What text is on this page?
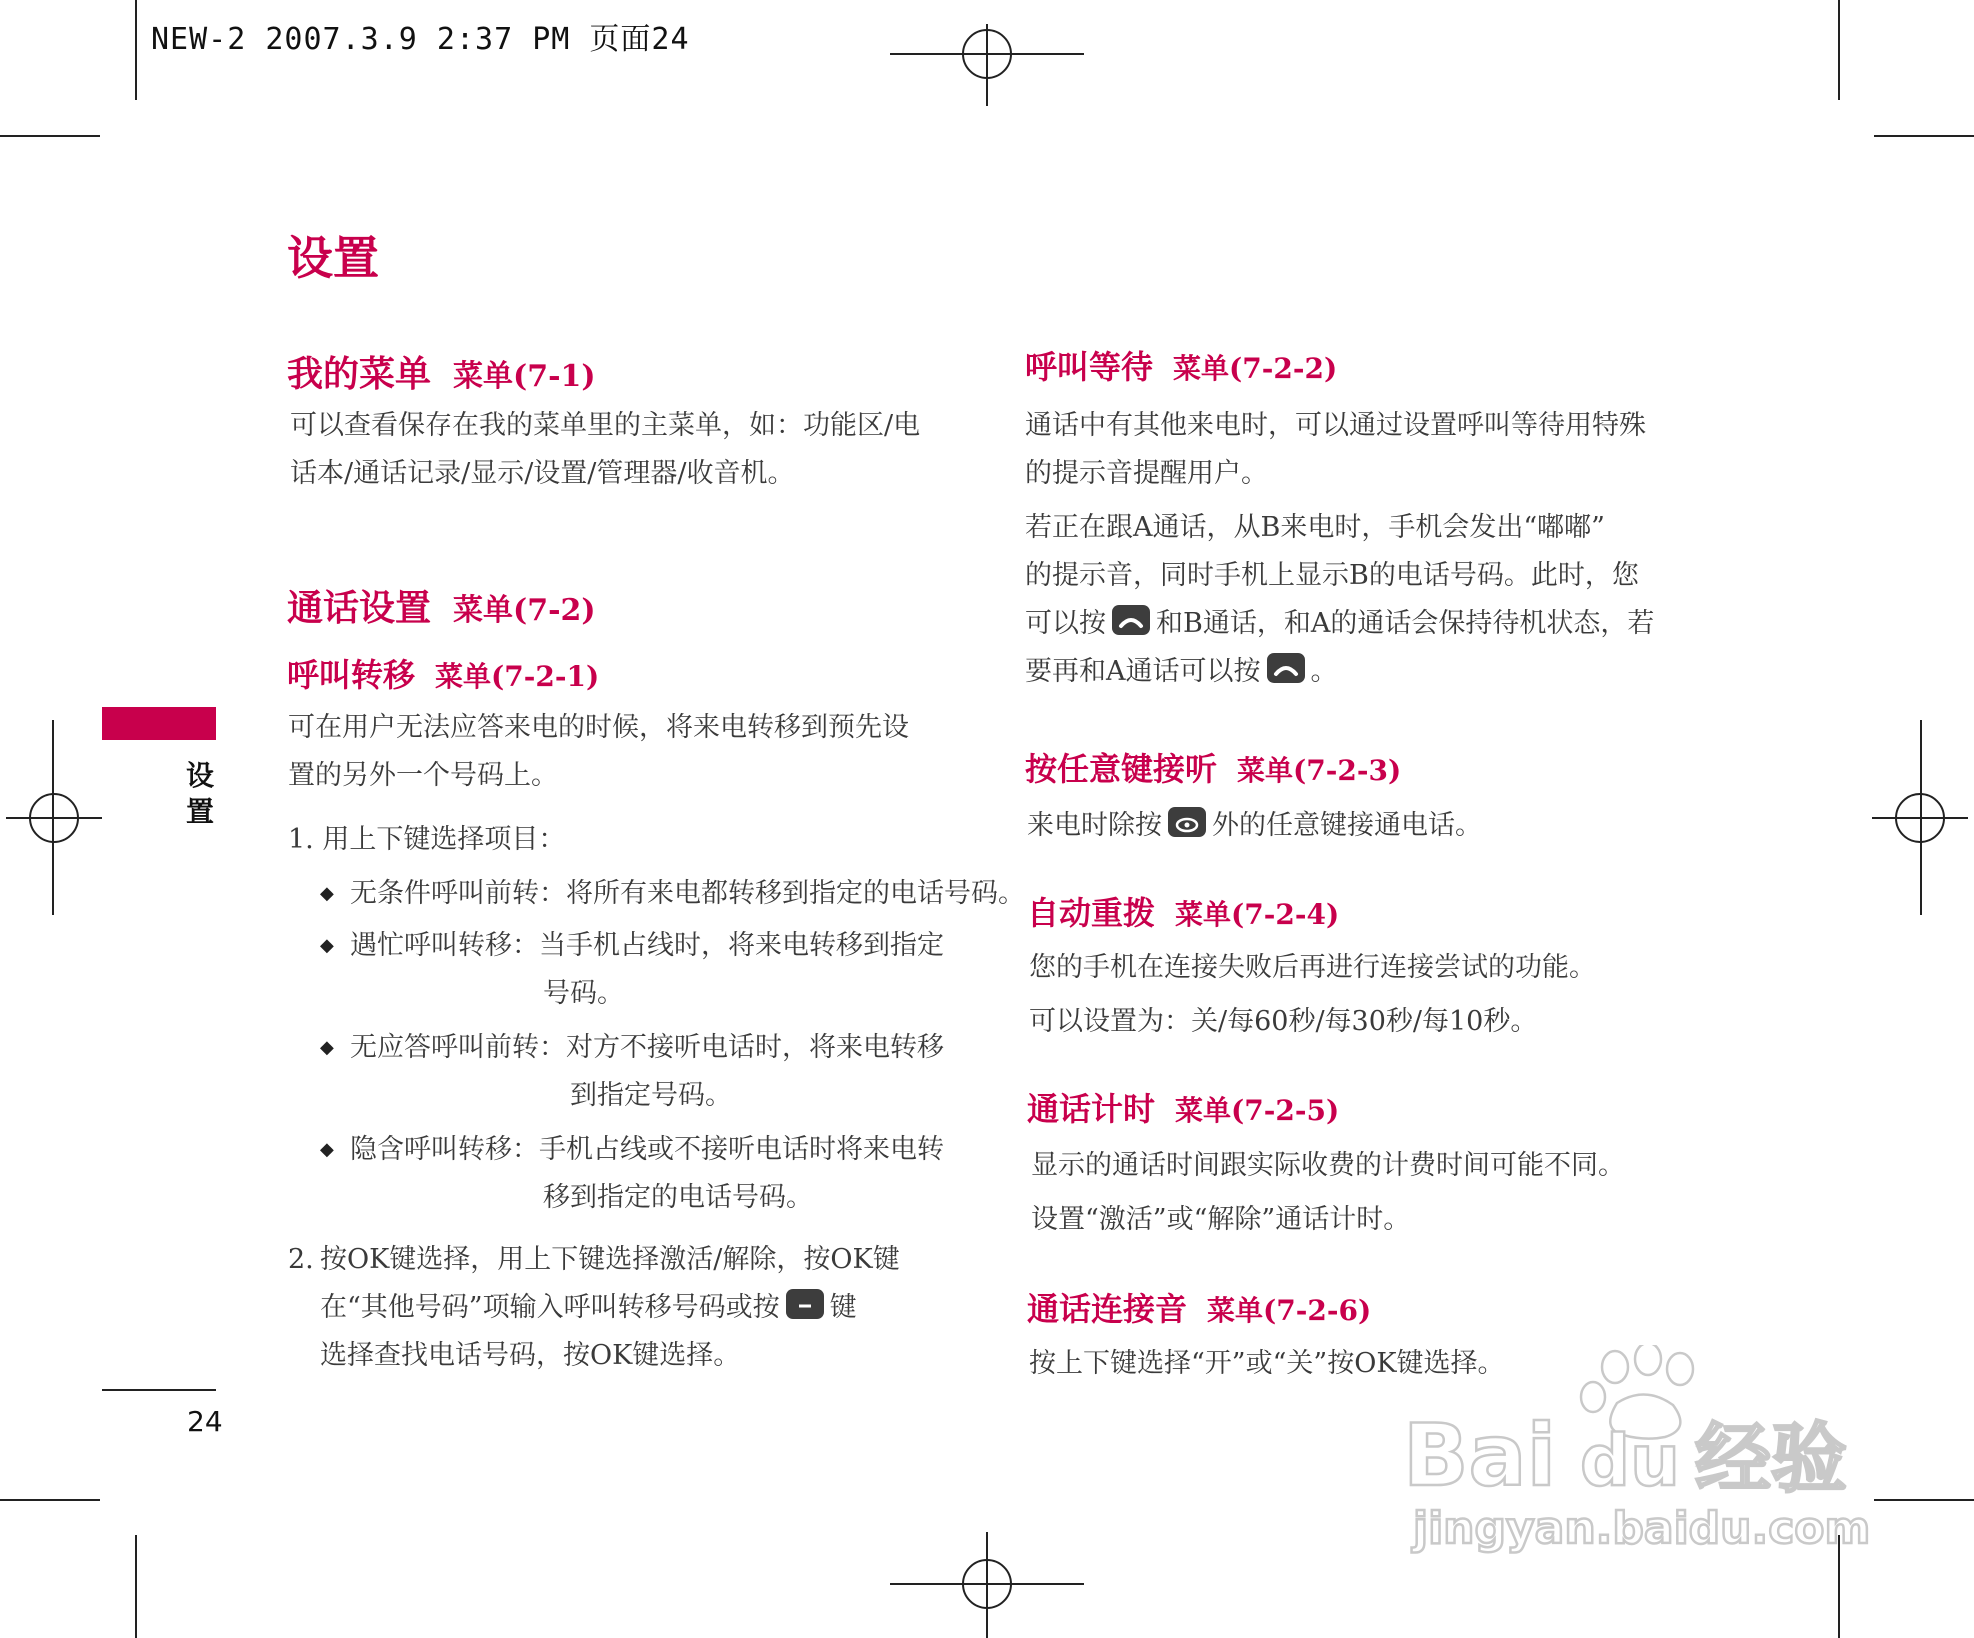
NEW-2 2007.3.9 2:37 PM 页面24
设置
设
置
24
我的菜单 菜单(7-1)
可以查看保存在我的菜单里的主菜单，如：功能区/电
话本/通话记录/显示/设置/管理器/收音机。
通话设置 菜单(7-2)
呼叫转移 菜单(7-2-1)
可在用户无法应答来电的时候，将来电转移到预先设
置的另外一个号码上。
1. 用上下键选择项目：
◆ 无条件呼叫前转：将所有来电都转移到指定的电话号码。
◆ 遇忙呼叫转移：当手机占线时，将来电转移到指定
号码。
◆ 无应答呼叫前转：对方不接听电话时，将来电转移
到指定号码。
◆ 隐含呼叫转移：手机占线或不接听电话时将来电转
移到指定的电话号码。
2. 按OK键选择，用上下键选择激活/解除，按OK键
在“其他号码”项输入呼叫转移号码或按 键
选择查找电话号码，按OK键选择。
呼叫等待 菜单(7-2-2)
通话中有其他来电时，可以通过设置呼叫等待用特殊
的提示音提醒用户。
若正在跟A通话，从B来电时，手机会发出“嘟嘟”
的提示音，同时手机上显示B的电话号码。此时，您
可以按 和B通话，和A的通话会保持待机状态，若
要再和A通话可以按 。
按任意键接听 菜单(7-2-3)
来电时除按 外的任意键接通电话。
自动重拨 菜单(7-2-4)
您的手机在连接失败后再进行连接尝试的功能。
可以设置为：关/每60秒/每30秒/每10秒。
通话计时 菜单(7-2-5)
显示的通话时间跟实际收费的计费时间可能不同。
设置“激活”或“解除”通话计时。
通话连接音 菜单(7-2-6)
按上下键选择“开”或“关”按OK键选择。
Bai du 经验
jingyan.baidu.com
